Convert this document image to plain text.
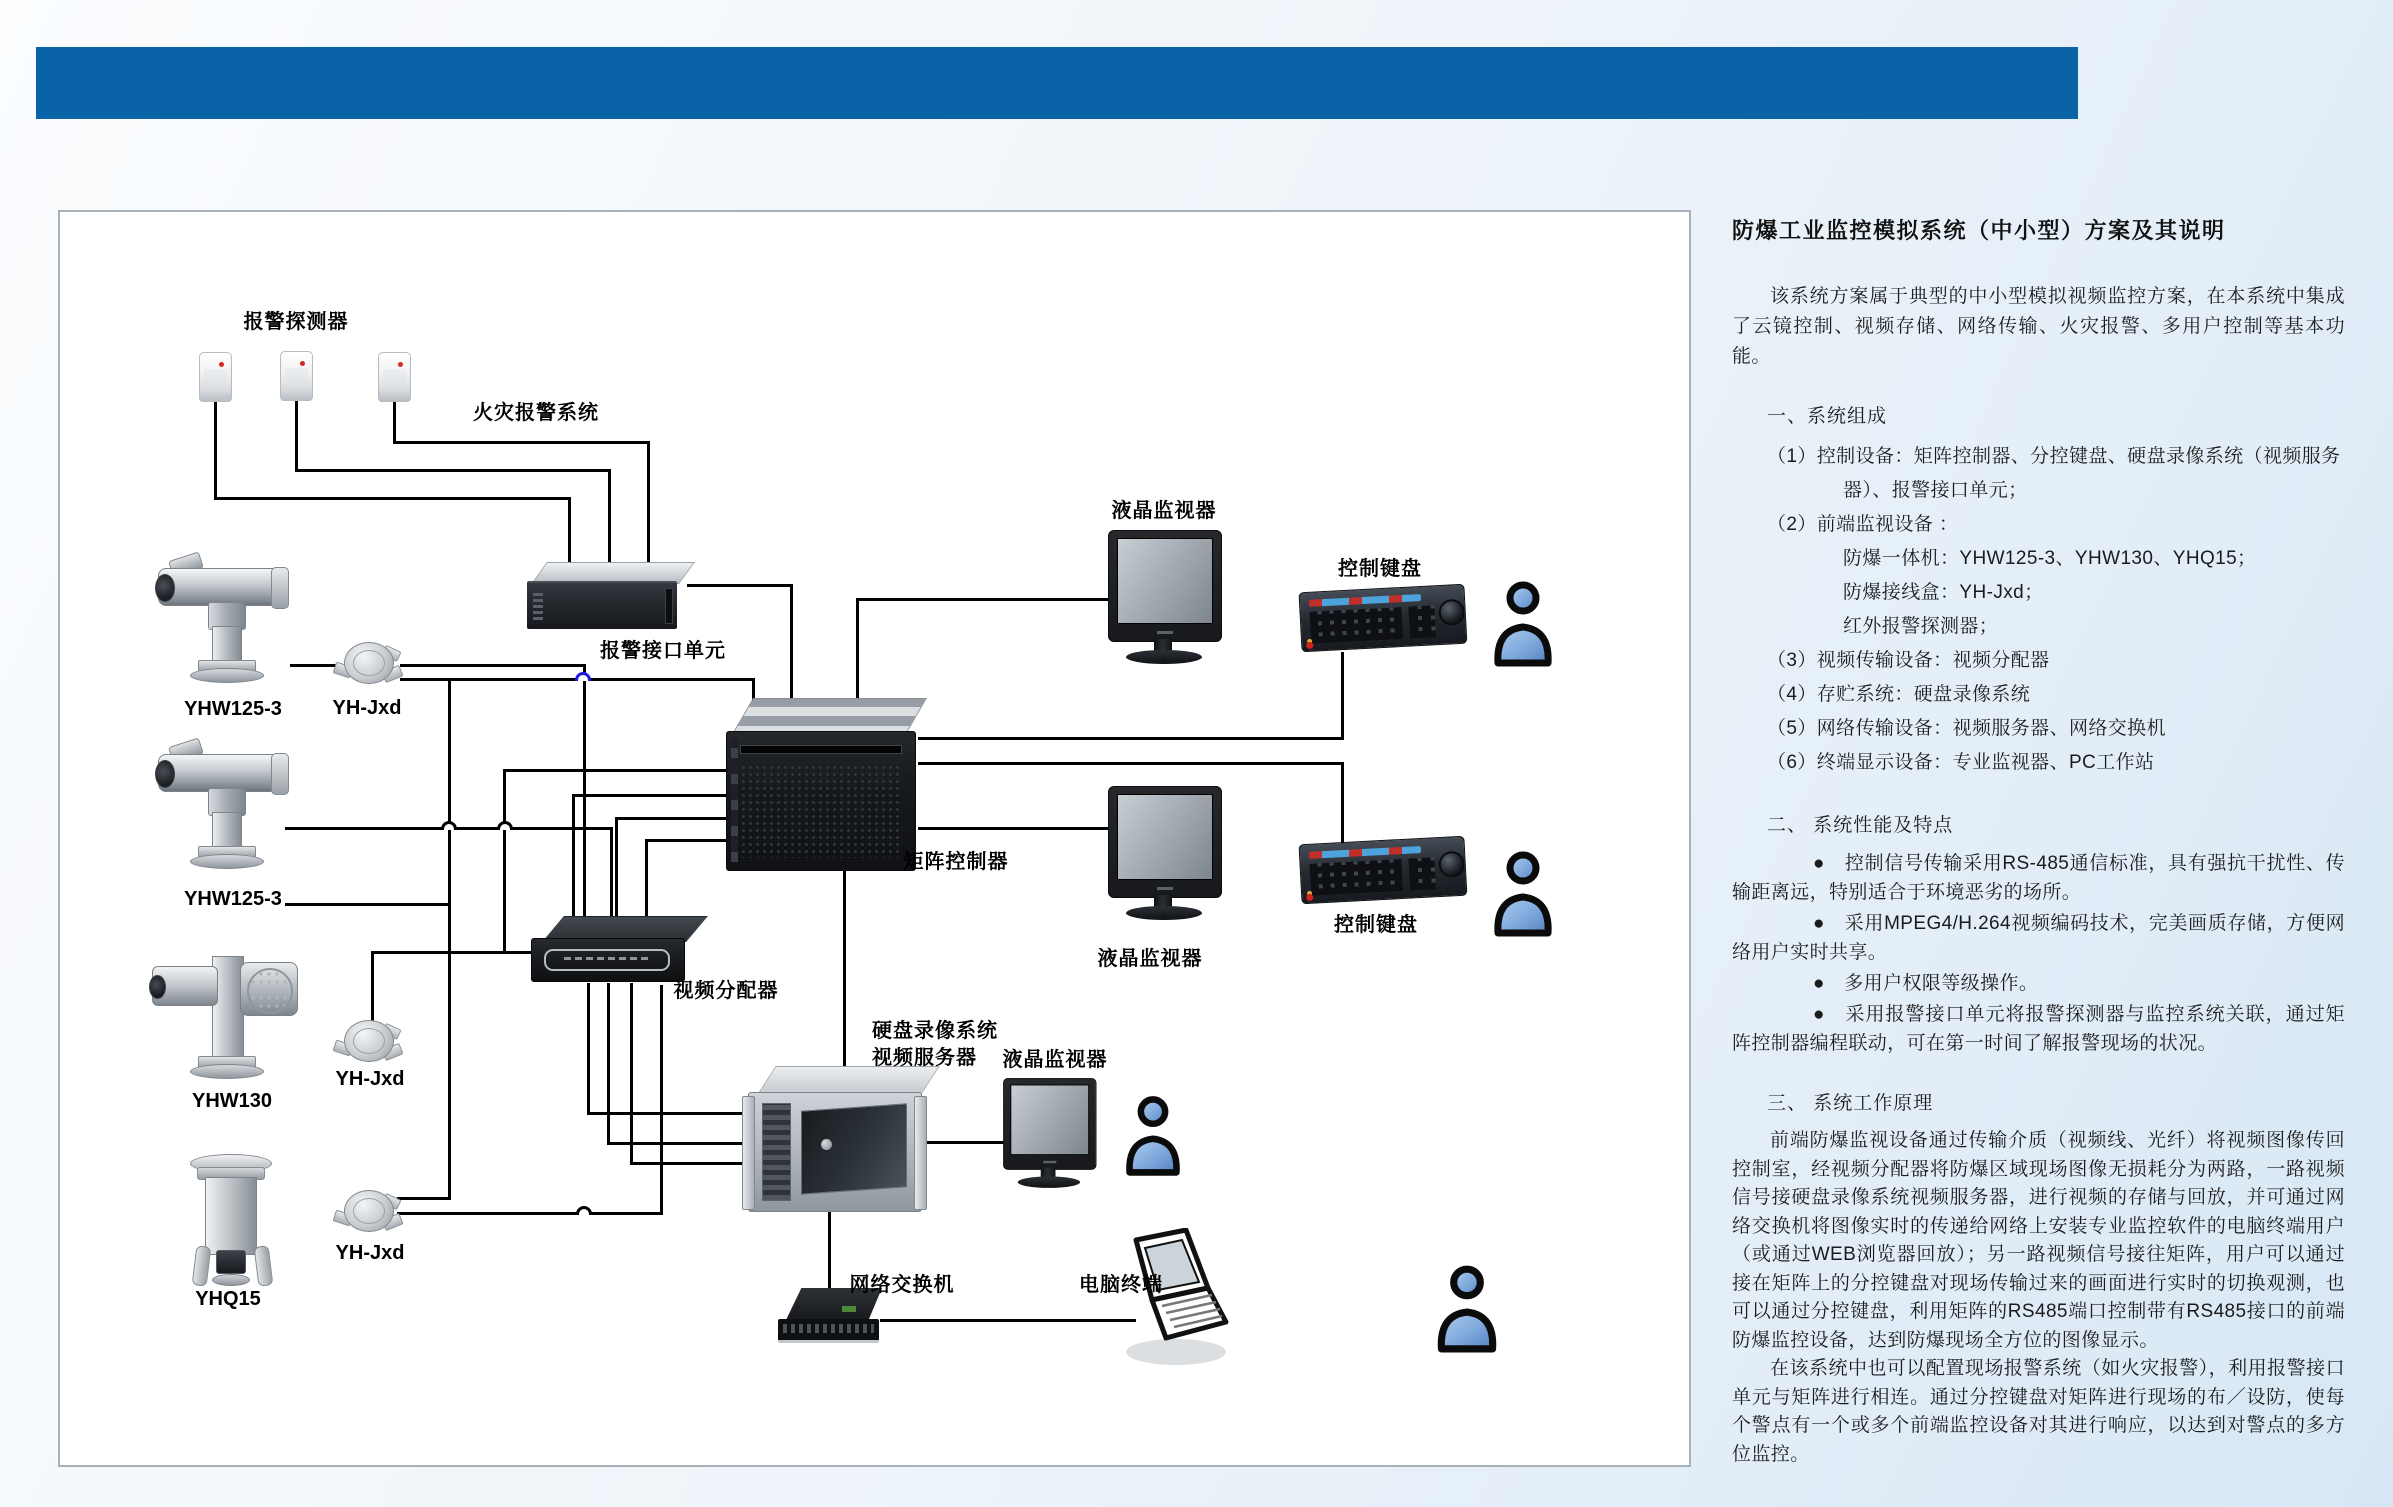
报警探测器
火灾报警系统
报警接口单元
YHW125-3	YH-Jxd
YHW125-3
YHW130
YH-Jxd
YHQ15
YH-Jxd
矩阵控制器
视频分配器
硬盘录像系统
视频服务器
液晶监视器
控制键盘
液晶监视器
控制键盘
液晶监视器
网络交换机	电脑终端
防爆工业监控模拟系统（中小型）方案及其说明

该系统方案属于典型的中小型模拟视频监控方案，在本系统中集成了云镜控制、视频存储、网络传输、火灾报警、多用户控制等基本功能。

一、系统组成

（1）控制设备：矩阵控制器、分控键盘、硬盘录像系统（视频服务器）、报警接口单元；

（2）前端监视设备 ：

防爆一体机：YHW125-3、YHW130、YHQ15；

防爆接线盒：YH-Jxd；

红外报警探测器；

（3）视频传输设备：视频分配器

（4）存贮系统：硬盘录像系统

（5）网络传输设备：视频服务器、网络交换机

（6）终端显示设备：专业监视器、PC工作站

二、 系统性能及特点

●　控制信号传输采用RS-485通信标准，具有强抗干扰性、传输距离远，特别适合于环境恶劣的场所。

●　采用MPEG4/H.264视频编码技术，完美画质存储，方便网络用户实时共享。

●　多用户权限等级操作。

●　采用报警接口单元将报警探测器与监控系统关联，通过矩阵控制器编程联动，可在第一时间了解报警现场的状况。

三、 系统工作原理

前端防爆监视设备通过传输介质（视频线、光纤）将视频图像传回控制室，经视频分配器将防爆区域现场图像无损耗分为两路，一路视频信号接硬盘录像系统视频服务器，进行视频的存储与回放，并可通过网络交换机将图像实时的传递给网络上安装专业监控软件的电脑终端用户（或通过WEB浏览器回放）；另一路视频信号接往矩阵，用户可以通过接在矩阵上的分控键盘对现场传输过来的画面进行实时的切换观测，也可以通过分控键盘，利用矩阵的RS485端口控制带有RS485接口的前端防爆监控设备，达到防爆现场全方位的图像显示。

在该系统中也可以配置现场报警系统（如火灾报警），利用报警接口单元与矩阵进行相连。通过分控键盘对矩阵进行现场的布／设防，使每个警点有一个或多个前端监控设备对其进行响应，以达到对警点的多方位监控。
